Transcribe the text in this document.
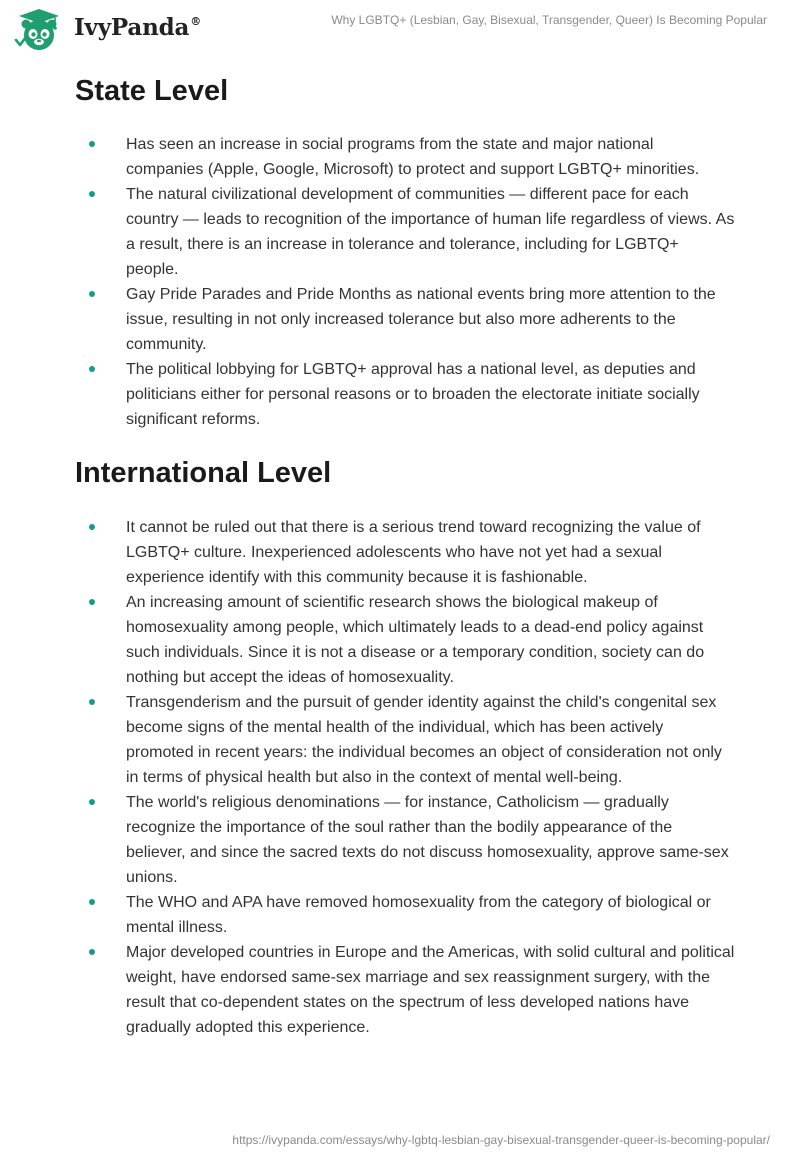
IvyPanda®	Why LGBTQ+ (Lesbian, Gay, Bisexual, Transgender, Queer) Is Becoming Popular
State Level
Has seen an increase in social programs from the state and major national companies (Apple, Google, Microsoft) to protect and support LGBTQ+ minorities.
The natural civilizational development of communities — different pace for each country — leads to recognition of the importance of human life regardless of views. As a result, there is an increase in tolerance and tolerance, including for LGBTQ+ people.
Gay Pride Parades and Pride Months as national events bring more attention to the issue, resulting in not only increased tolerance but also more adherents to the community.
The political lobbying for LGBTQ+ approval has a national level, as deputies and politicians either for personal reasons or to broaden the electorate initiate socially significant reforms.
International Level
It cannot be ruled out that there is a serious trend toward recognizing the value of LGBTQ+ culture. Inexperienced adolescents who have not yet had a sexual experience identify with this community because it is fashionable.
An increasing amount of scientific research shows the biological makeup of homosexuality among people, which ultimately leads to a dead-end policy against such individuals. Since it is not a disease or a temporary condition, society can do nothing but accept the ideas of homosexuality.
Transgenderism and the pursuit of gender identity against the child's congenital sex become signs of the mental health of the individual, which has been actively promoted in recent years: the individual becomes an object of consideration not only in terms of physical health but also in the context of mental well-being.
The world's religious denominations — for instance, Catholicism — gradually recognize the importance of the soul rather than the bodily appearance of the believer, and since the sacred texts do not discuss homosexuality, approve same-sex unions.
The WHO and APA have removed homosexuality from the category of biological or mental illness.
Major developed countries in Europe and the Americas, with solid cultural and political weight, have endorsed same-sex marriage and sex reassignment surgery, with the result that co-dependent states on the spectrum of less developed nations have gradually adopted this experience.
https://ivypanda.com/essays/why-lgbtq-lesbian-gay-bisexual-transgender-queer-is-becoming-popular/
